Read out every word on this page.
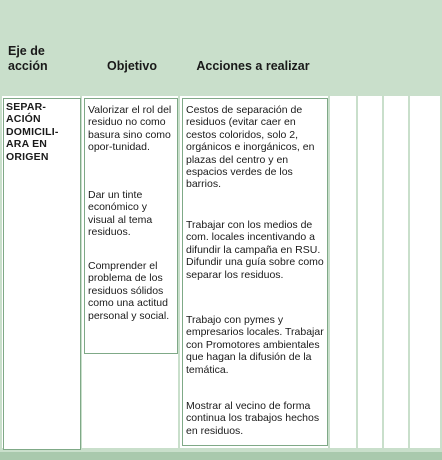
Eje de acción	Objetivo	Acciones a realizar
SEPAR-
ACIÓN
DOMICILI-
ARA EN
ORIGEN
Valorizar el rol del residuo no como basura sino como opor-tunidad.
Dar un tinte económico y visual al tema residuos.
Comprender el problema de los residuos sólidos como una actitud personal y social.
Cestos de separación de residuos (evitar caer en cestos coloridos, solo 2, orgánicos e inorgánicos, en plazas del centro y en espacios verdes de los barrios.
Trabajar con los medios de com. locales incentivando a difundir la campaña en RSU. Difundir una guía sobre como separar los residuos.
Trabajo con pymes y empresarios locales. Trabajar con Promotores ambientales que hagan la difusión de la temática.
Mostrar al vecino de forma continua los trabajos hechos en residuos.
